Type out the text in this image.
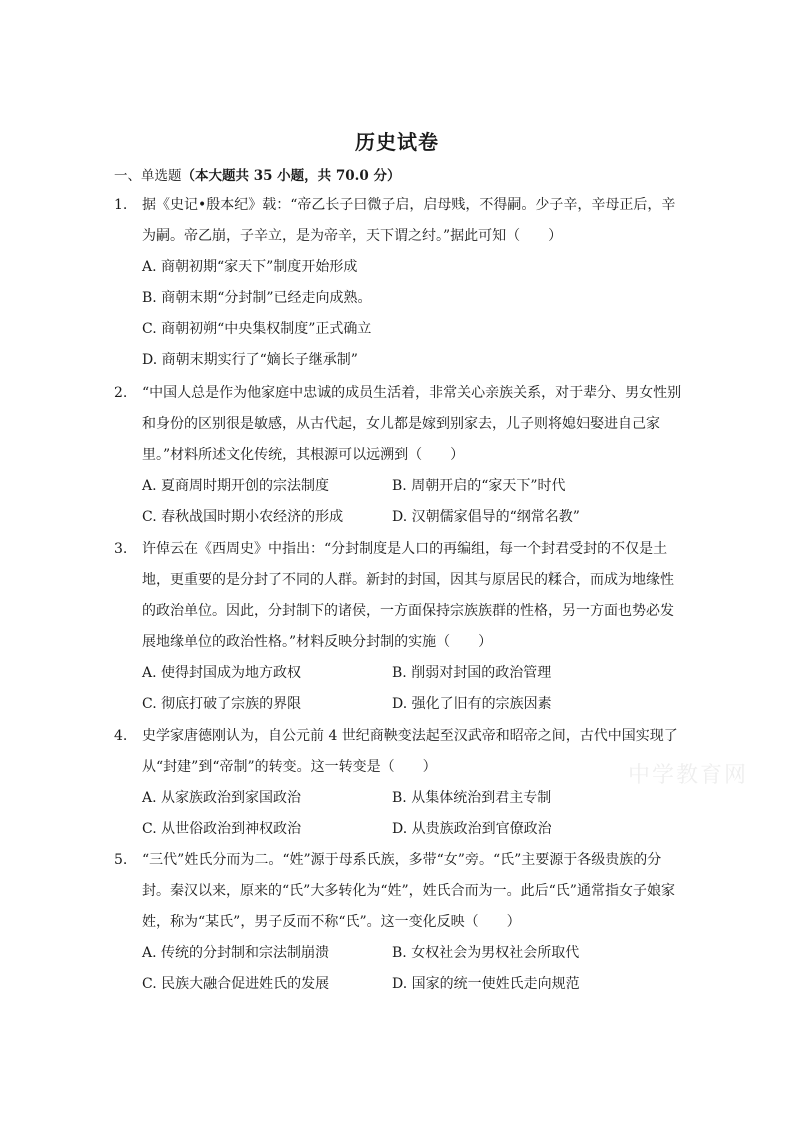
历史试卷
一、单选题（本大题共 35 小题，共 70.0 分）

1. 据《史记•殷本纪》载：“帝乙长子曰微子启，启母贱，不得嗣。少子辛，辛母正后，辛为嗣。帝乙崩，子辛立，是为帝辛，天下谓之纣。”据此可知（　　）

A. 商朝初期“家天下”制度开始形成
B. 商朝末期“分封制”已经走向成熟。
C. 商朝初朔“中央集权制度”正式确立
D. 商朝末期实行了“嫡长子继承制”

2. “中国人总是作为他家庭中忠诚的成员生活着，非常关心亲族关系，对于辈分、男女性别和身份的区别很是敏感，从古代起，女儿都是嫁到别家去，儿子则将媳妇娶进自己家里。”材料所述文化传统，其根源可以远溯到（　　）

A. 夏商周时期开创的宗法制度	B. 周朝开启的“家天下”时代
C. 春秋战国时期小农经济的形成	D. 汉朝儒家倡导的“纲常名教”

3. 许倬云在《西周史》中指出：“分封制度是人口的再编组，每一个封君受封的不仅是土地，更重要的是分封了不同的人群。新封的封国，因其与原居民的糅合，而成为地缘性的政治单位。因此，分封制下的诸侯，一方面保持宗族族群的性格，另一方面也势必发展地缘单位的政治性格。”材料反映分封制的实施（　　）

A. 使得封国成为地方政权	B. 削弱对封国的政治管理
C. 彻底打破了宗族的界限	D. 强化了旧有的宗族因素

4. 史学家唐德刚认为，自公元前 4 世纪商鞅变法起至汉武帝和昭帝之间，古代中国实现了从“封建”到“帝制”的转变。这一转变是（　　）

A. 从家族政治到家国政治	B. 从集体统治到君主专制
C. 从世俗政治到神权政治	D. 从贵族政治到官僚政治

5. “三代”姓氏分而为二。“姓”源于母系氏族，多带“女”旁。“氏”主要源于各级贵族的分封。秦汉以来，原来的“氏”大多转化为“姓”，姓氏合而为一。此后“氏”通常指女子娘家姓，称为“某氏”，男子反而不称“氏”。这一变化反映（　　）

A. 传统的分封制和宗法制崩溃	B. 女权社会为男权社会所取代
C. 民族大融合促进姓氏的发展	D. 国家的统一使姓氏走向规范
中学教育网
